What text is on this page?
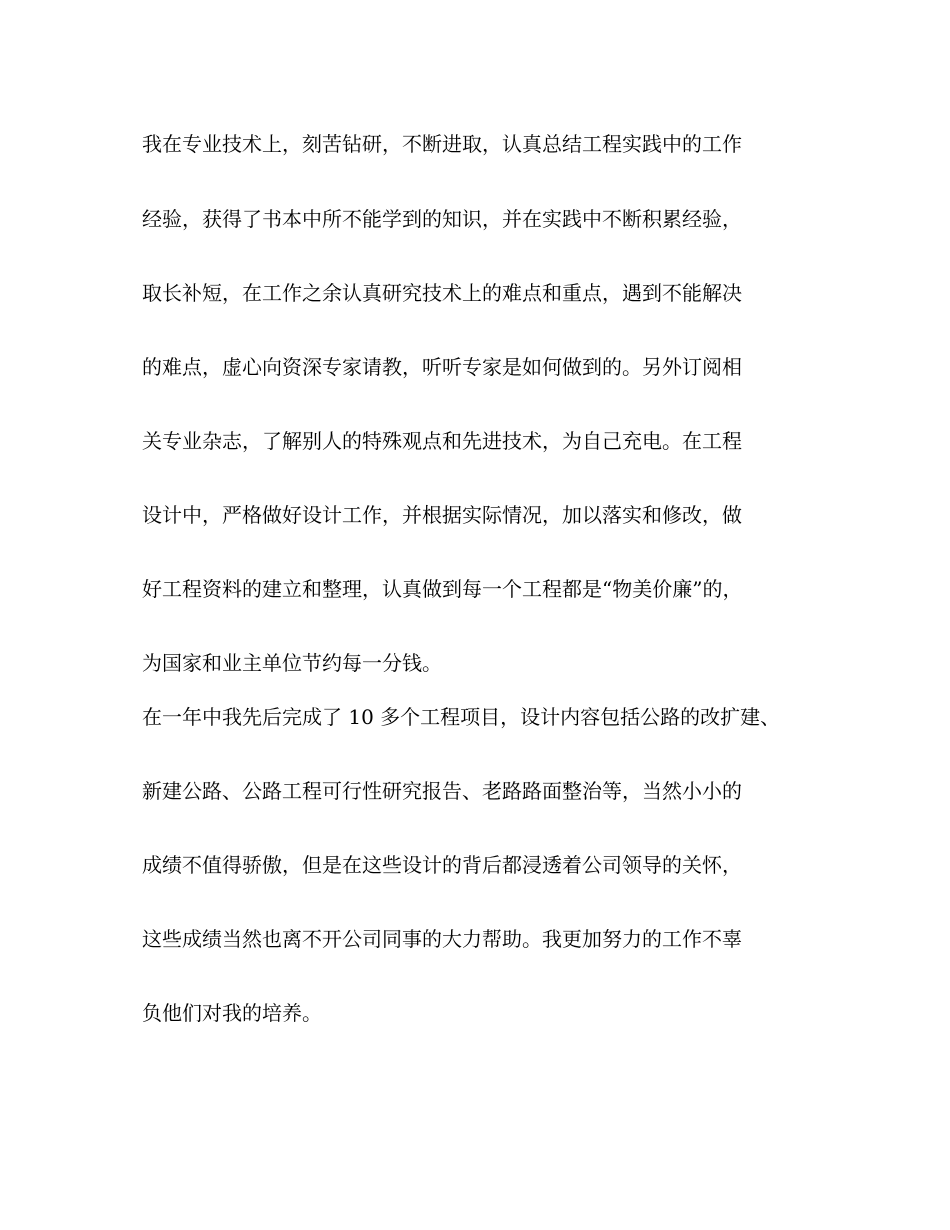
我在专业技术上，刻苦钻研，不断进取，认真总结工程实践中的工作

经验，获得了书本中所不能学到的知识，并在实践中不断积累经验，

取长补短，在工作之余认真研究技术上的难点和重点，遇到不能解决

的难点，虚心向资深专家请教，听听专家是如何做到的。另外订阅相

关专业杂志，了解别人的特殊观点和先进技术，为自己充电。在工程

设计中，严格做好设计工作，并根据实际情况，加以落实和修改，做

好工程资料的建立和整理，认真做到每一个工程都是“物美价廉”的，

为国家和业主单位节约每一分钱。

在一年中我先后完成了 10 多个工程项目，设计内容包括公路的改扩建、

新建公路、公路工程可行性研究报告、老路路面整治等，当然小小的

成绩不值得骄傲，但是在这些设计的背后都浸透着公司领导的关怀，

这些成绩当然也离不开公司同事的大力帮助。我更加努力的工作不辜

负他们对我的培养。
